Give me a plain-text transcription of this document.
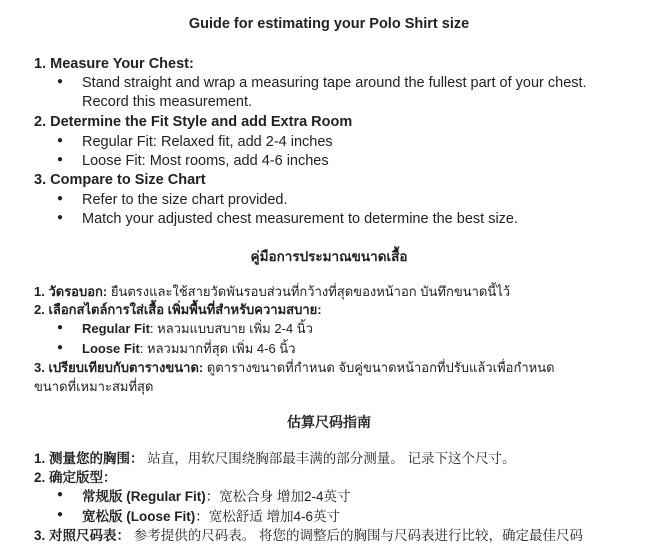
Guide for estimating your Polo Shirt size
1. Measure Your Chest:
● Stand straight and wrap a measuring tape around the fullest part of your chest.
Record this measurement.
2. Determine the Fit Style and add Extra Room
● Regular Fit: Relaxed fit, add 2-4 inches
● Loose Fit: Most rooms, add 4-6 inches
3. Compare to Size Chart
● Refer to the size chart provided.
● Match your adjusted chest measurement to determine the best size.
คู่มือการประมาณขนาดเสื้อ
1. วัดรอบอก: ยืนตรงและใช้สายวัดพันรอบส่วนที่กว้างที่สุดของหน้าอก บันทึกขนาดนี้ไว้
2. เลือกสไตล์การใส่เสื้อ เพิ่มพื้นที่สำหรับความสบาย:
●	Regular Fit: หลวมแบบสบาย เพิ่ม 2-4 นิ้ว
●	Loose Fit: หลวมมากที่สุด เพิ่ม 4-6 นิ้ว
3. เปรียบเทียบกับตารางขนาด: ดูตารางขนาดที่กำหนด จับคู่ขนาดหน้าอกที่ปรับแล้วเพื่อกำหนด
ขนาดที่เหมาะสมที่สุด
估算尺码指南
1. 测量您的胸围： 站直，用软尺围绕胸部最丰满的部分测量。 记录下这个尺寸。
2. 确定版型：
● 常规版 (Regular Fit)：宽松合身 增加2-4英寸
● 宽松版 (Loose Fit)：宽松舒适 增加4-6英寸
3. 对照尺码表： 参考提供的尺码表。 将您的调整后的胸围与尺码表进行比较，确定最佳尺码
